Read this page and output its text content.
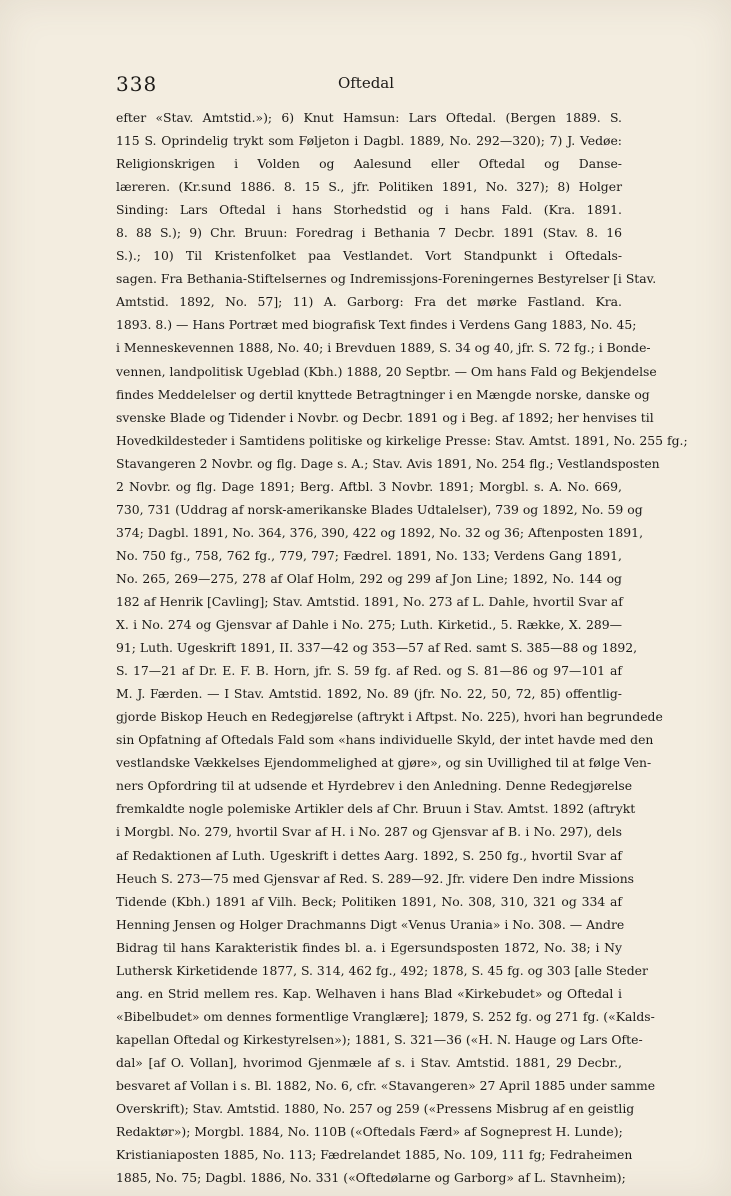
338	Oftedal
efter «Stav. Amtstid.»); 6) Knut Hamsun: Lars Oftedal. (Bergen 1889. S.
115 S. Oprindelig trykt som Føljeton i Dagbl. 1889, No. 292—320); 7) J. Vedøe:
Religionskrigen i Volden og Aalesund eller Oftedal og Danse-
læreren. (Kr.sund 1886. 8. 15 S., jfr. Politiken 1891, No. 327); 8) Holger
Sinding: Lars Oftedal i hans Storhedstid og i hans Fald. (Kra. 1891.
8. 88 S.); 9) Chr. Bruun: Foredrag i Bethania 7 Decbr. 1891 (Stav. 8. 16
S.).; 10) Til Kristenfolket paa Vestlandet. Vort Standpunkt i Oftedals-
sagen. Fra Bethania-Stiftelsernes og Indremissjons-Foreningernes Bestyrelser [i Stav.
Amtstid. 1892, No. 57]; 11) A. Garborg: Fra det mørke Fastland. Kra.
1893. 8.) — Hans Portræt med biografisk Text findes i Verdens Gang 1883, No. 45;
i Menneskevennen 1888, No. 40; i Brevduen 1889, S. 34 og 40, jfr. S. 72 fg.; i Bonde-
vennen, landpolitisk Ugeblad (Kbh.) 1888, 20 Septbr. — Om hans Fald og Bekjendelse
findes Meddelelser og dertil knyttede Betragtninger i en Mængde norske, danske og
svenske Blade og Tidender i Novbr. og Decbr. 1891 og i Beg. af 1892; her henvises til
Hovedkildesteder i Samtidens politiske og kirkelige Presse: Stav. Amtst. 1891, No. 255 fg.;
Stavangeren 2 Novbr. og flg. Dage s. A.; Stav. Avis 1891, No. 254 flg.; Vestlandsposten
2 Novbr. og flg. Dage 1891; Berg. Aftbl. 3 Novbr. 1891; Morgbl. s. A. No. 669,
730, 731 (Uddrag af norsk-amerikanske Blades Udtalelser), 739 og 1892, No. 59 og
374; Dagbl. 1891, No. 364, 376, 390, 422 og 1892, No. 32 og 36; Aftenposten 1891,
No. 750 fg., 758, 762 fg., 779, 797; Fædrel. 1891, No. 133; Verdens Gang 1891,
No. 265, 269—275, 278 af Olaf Holm, 292 og 299 af Jon Line; 1892, No. 144 og
182 af Henrik [Cavling]; Stav. Amtstid. 1891, No. 273 af L. Dahle, hvortil Svar af
X. i No. 274 og Gjensvar af Dahle i No. 275; Luth. Kirketid., 5. Række, X. 289—
91; Luth. Ugeskrift 1891, II. 337—42 og 353—57 af Red. samt S. 385—88 og 1892,
S. 17—21 af Dr. E. F. B. Horn, jfr. S. 59 fg. af Red. og S. 81—86 og 97—101 af
M. J. Færden. — I Stav. Amtstid. 1892, No. 89 (jfr. No. 22, 50, 72, 85) offentlig-
gjorde Biskop Heuch en Redegjørelse (aftrykt i Aftpst. No. 225), hvori han begrundede
sin Opfatning af Oftedals Fald som «hans individuelle Skyld, der intet havde med den
vestlandske Vækkelses Ejendommelighed at gjøre», og sin Uvillighed til at følge Ven-
ners Opfordring til at udsende et Hyrdebrev i den Anledning. Denne Redegjørelse
fremkaldte nogle polemiske Artikler dels af Chr. Bruun i Stav. Amtst. 1892 (aftrykt
i Morgbl. No. 279, hvortil Svar af H. i No. 287 og Gjensvar af B. i No. 297), dels
af Redaktionen af Luth. Ugeskrift i dettes Aarg. 1892, S. 250 fg., hvortil Svar af
Heuch S. 273—75 med Gjensvar af Red. S. 289—92. Jfr. videre Den indre Missions
Tidende (Kbh.) 1891 af Vilh. Beck; Politiken 1891, No. 308, 310, 321 og 334 af
Henning Jensen og Holger Drachmanns Digt «Venus Urania» i No. 308. — Andre
Bidrag til hans Karakteristik findes bl. a. i Egersundsposten 1872, No. 38; i Ny
Luthersk Kirketidende 1877, S. 314, 462 fg., 492; 1878, S. 45 fg. og 303 [alle Steder
ang. en Strid mellem res. Kap. Welhaven i hans Blad «Kirkebudet» og Oftedal i
«Bibelbudet» om dennes formentlige Vranglære]; 1879, S. 252 fg. og 271 fg. («Kalds-
kapellan Oftedal og Kirkestyrelsen»); 1881, S. 321—36 («H. N. Hauge og Lars Ofte-
dal» [af O. Vollan], hvorimod Gjenmæle af s. i Stav. Amtstid. 1881, 29 Decbr.,
besvaret af Vollan i s. Bl. 1882, No. 6, cfr. «Stavangeren» 27 April 1885 under samme
Overskrift); Stav. Amtstid. 1880, No. 257 og 259 («Pressens Misbrug af en geistlig
Redaktør»); Morgbl. 1884, No. 110B («Oftedals Færd» af Sogneprest H. Lunde);
Kristianiaposten 1885, No. 113; Fædrelandet 1885, No. 109, 111 fg; Fedraheimen
1885, No. 75; Dagbl. 1886, No. 331 («Oftedølarne og Garborg» af L. Stavnheim);
